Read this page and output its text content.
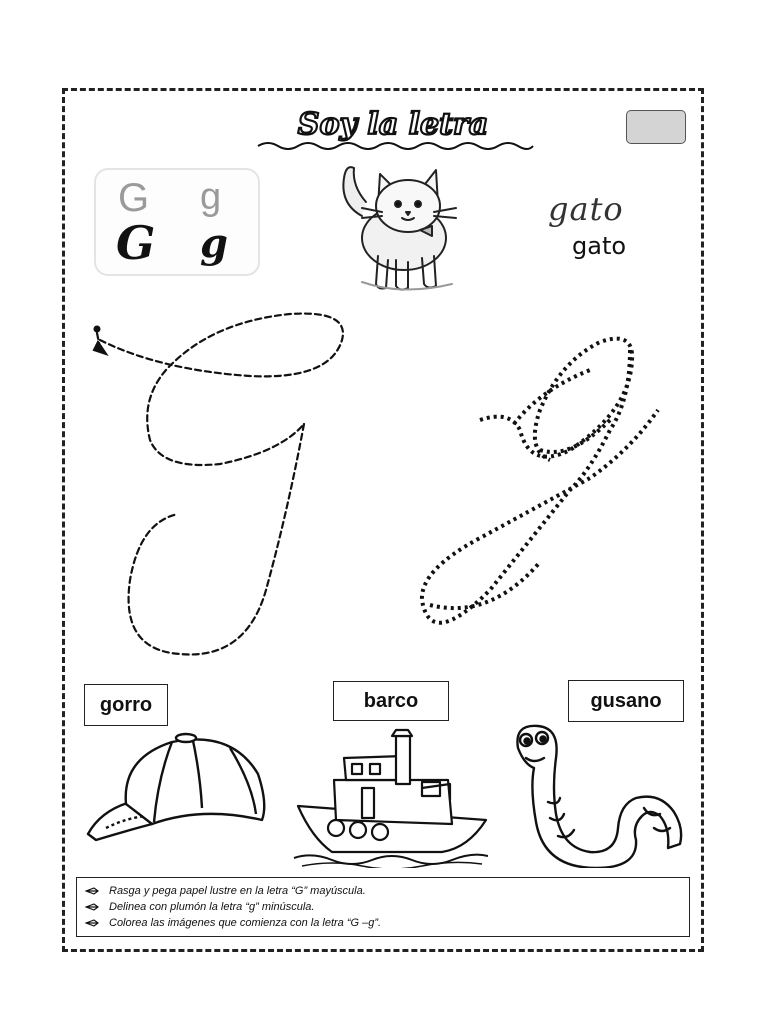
Soy la letra
G g
G g
gato
gato
gorro	barco	gusano
Rasga y pega papel lustre en la letra “G” mayúscula.
Delinea con plumón la letra “g” minúscula.
Colorea las imágenes que comienza con la letra “G –g”.
